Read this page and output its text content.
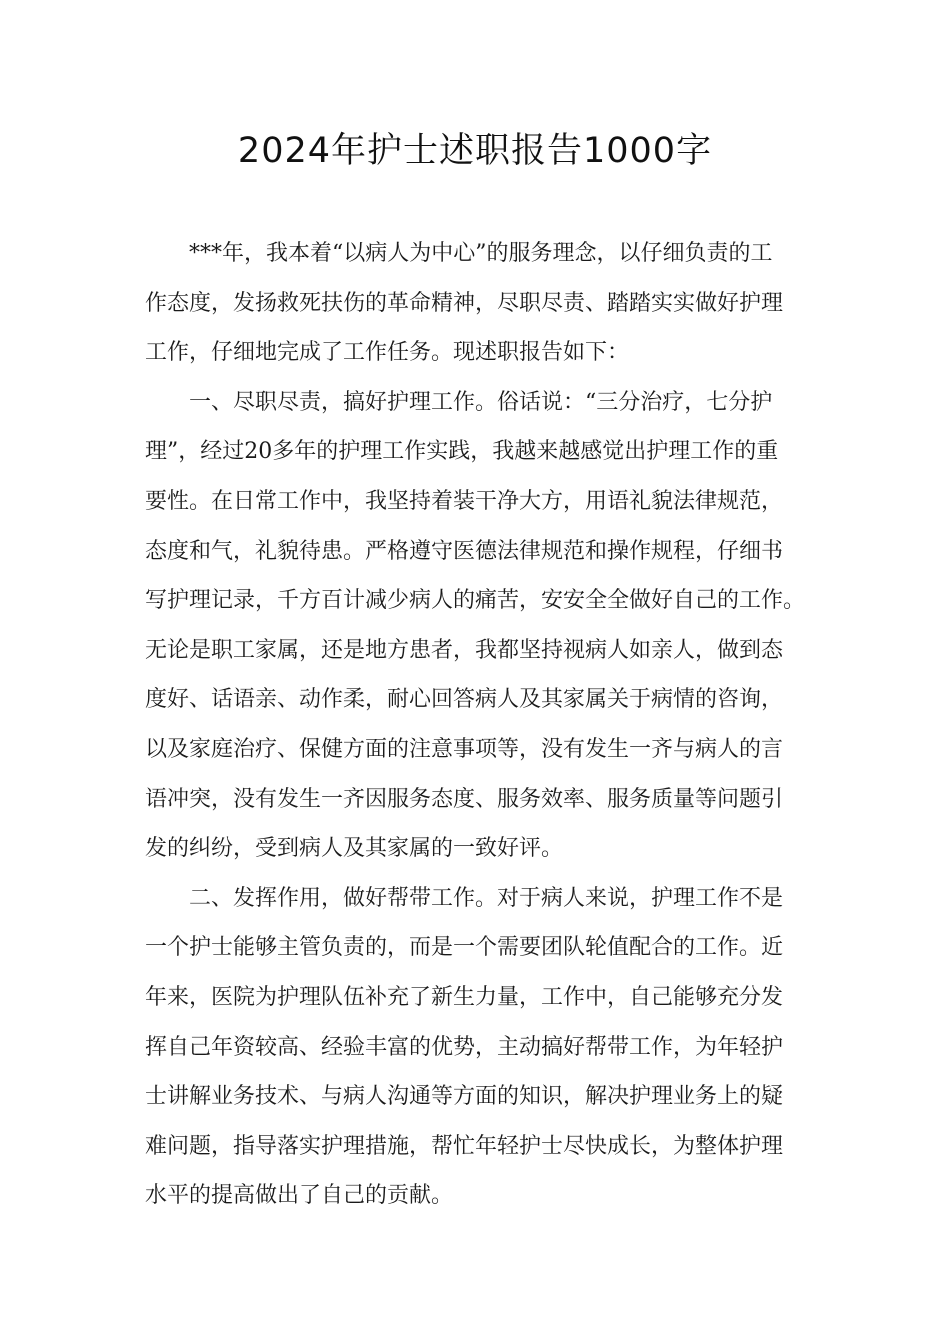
2024年护士述职报告1000字
　　***年，我本着“以病人为中心”的服务理念，以仔细负责的工
作态度，发扬救死扶伤的革命精神，尽职尽责、踏踏实实做好护理
工作，仔细地完成了工作任务。现述职报告如下：
　　一、尽职尽责，搞好护理工作。俗话说：“三分治疗，七分护
理”，经过20多年的护理工作实践，我越来越感觉出护理工作的重
要性。在日常工作中，我坚持着装干净大方，用语礼貌法律规范，
态度和气，礼貌待患。严格遵守医德法律规范和操作规程，仔细书
写护理记录，千方百计减少病人的痛苦，安安全全做好自己的工作。
无论是职工家属，还是地方患者，我都坚持视病人如亲人，做到态
度好、话语亲、动作柔，耐心回答病人及其家属关于病情的咨询，
以及家庭治疗、保健方面的注意事项等，没有发生一齐与病人的言
语冲突，没有发生一齐因服务态度、服务效率、服务质量等问题引
发的纠纷，受到病人及其家属的一致好评。
　　二、发挥作用，做好帮带工作。对于病人来说，护理工作不是
一个护士能够主管负责的，而是一个需要团队轮值配合的工作。近
年来，医院为护理队伍补充了新生力量，工作中，自己能够充分发
挥自己年资较高、经验丰富的优势，主动搞好帮带工作，为年轻护
士讲解业务技术、与病人沟通等方面的知识，解决护理业务上的疑
难问题，指导落实护理措施，帮忙年轻护士尽快成长，为整体护理
水平的提高做出了自己的贡献。
